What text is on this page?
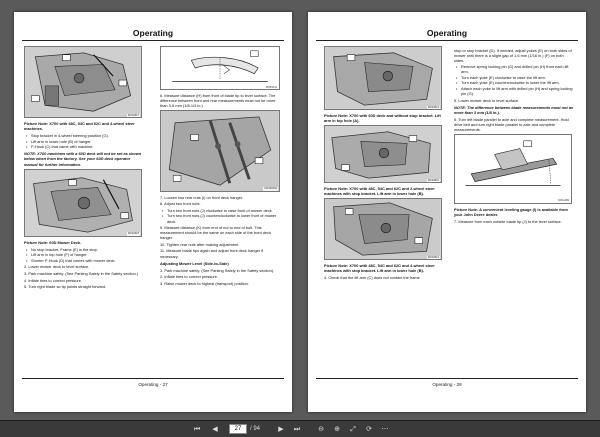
Operating
MX42817
Picture Note: X700 with 48C, 54C and 62C and 4-wheel steer machines.
• Stop bracket in 4-wheel steering position (G).
• Lift arm in lower hole (B) of hanger.
• P-Hook (C) that came with machine.
NOTE: X700 machines with a 60D deck will not be set as shown below when from the factory. See your 60D deck operator manual for further information.
MX42818
Picture Note: 60D Mower Deck.
• No stop bracket. Frame (E) is the stop.
• Lift arm in top hole (F) of hanger.
• Shorter P-Hook (D) that comes with mower deck.
2. Lower mower deck to level surface.
3. Park machine safely. (See Parking Safely in the Safety section.)
4. Inflate tires to correct pressure.
5. Turn right blade so tip points straight forward.
MX8107a
6. Measure distance (H) from front of blade tip to level surface. The difference between front and rear measurements must not be more than 3-6 mm (1/8-1/4 in.).
MX42819a
7. Loosen two rear nuts (I) on front deck hanger.
8. Adjust two front nuts:
• Turn two front nuts (J) clockwise to raise front of mower deck.
• Turn two front nuts (J) counterclockwise to lower front of mower deck.
9. Measure distance (K) from end of nut to end of bolt. This measurement should be the same on each side of the front deck hanger.
10. Tighten rear nuts after making adjustment.
11. Measure blade tips again and adjust front deck hanger if necessary.
Adjusting Mower Level (Side-to-Side)
1. Park machine safely. (See Parking Safely in the Safety section).
2. Inflate tires to correct pressure.
3. Raise mower deck to highest (transport) position.
Operating - 27
Operating
MX42813
Picture Note: X700 with 60D deck and without stop bracket. Lift arm in top hole (A).
MX42815
Picture Note: X700 with 48C, 54C and 62C and 2-wheel steer machines with stop bracket. Lift arm in lower hole (B).
MX42814
Picture Note: X700 with 48C, 54C and 62C and 4-wheel steer machines with stop bracket. Lift arm in lower hole (B).
4. Check that the lift arm (C) does not contact the frame
stop or stop bracket (D). If needed, adjust yokes (E) on both sides of mower until there is a slight gap of 1.6 mm (1/16 in.) (F) on both sides.
• Remove spring locking pin (G) and drilled pin (H) from each lift arm.
• Turn each yoke (E) clockwise to raise the lift arm.
• Turn each yoke (E) counterclockwise to lower the lift arm.
• Attach each yoke to lift arm with drilled pin (H) and spring locking pin (G).
5. Lower mower deck to level surface.
NOTE: The difference between blade measurements must not be more than 3 mm (1/8 in.).
6. Turn left blade parallel to axle and complete measurement. Hold drive belt and turn right blade parallel to axle and complete measurements.
MX11189
Picture Note: A convenient leveling gauge (I) is available from your John Deere dealer.
7. Measure from each outside blade tip (J) to the level surface.
Operating - 28
⏮	◀	27	/ 94	▶	⏭	⊖ ⊕	⤢	⟳ ⋯
